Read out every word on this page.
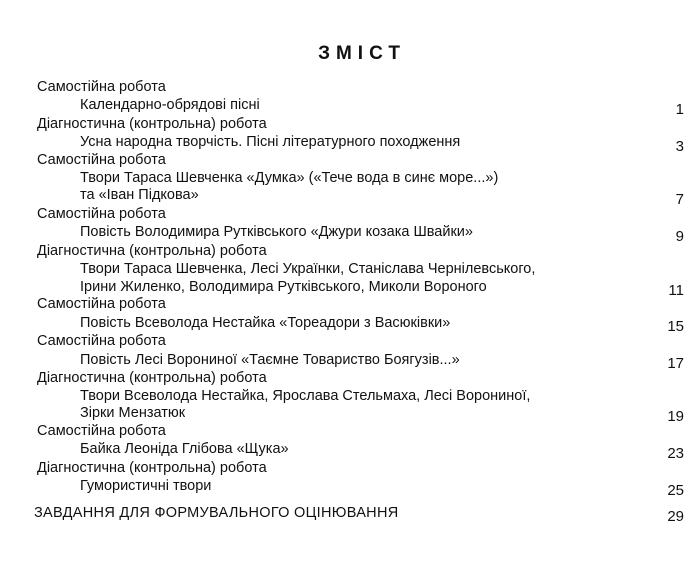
ЗМІСТ
Самостійна робота
Календарно-обрядові пісні	1
Діагностична (контрольна) робота
Усна народна творчість. Пісні літературного походження	3
Самостійна робота
Твори Тараса Шевченка «Думка» («Тече вода в синє море...»)
та «Іван Підкова»	7
Самостійна робота
Повість Володимира Рутківського «Джури козака Швайки»	9
Діагностична (контрольна) робота
Твори Тараса Шевченка, Лесі Українки, Станіслава Чернілевського,
Ірини Жиленко, Володимира Рутківського, Миколи Вороного	11
Самостійна робота
Повість Всеволода Нестайка «Тореадори з Васюківки»	15
Самостійна робота
Повість Лесі Ворониної «Таємне Товариство Боягузів...»	17
Діагностична (контрольна) робота
Твори Всеволода Нестайка, Ярослава Стельмаха, Лесі Ворониної,
Зірки Мензатюк	19
Самостійна робота
Байка Леоніда Глібова «Щука»	23
Діагностична (контрольна) робота
Гумористичні твори	25
ЗАВДАННЯ ДЛЯ ФОРМУВАЛЬНОГО ОЦІНЮВАННЯ	29
